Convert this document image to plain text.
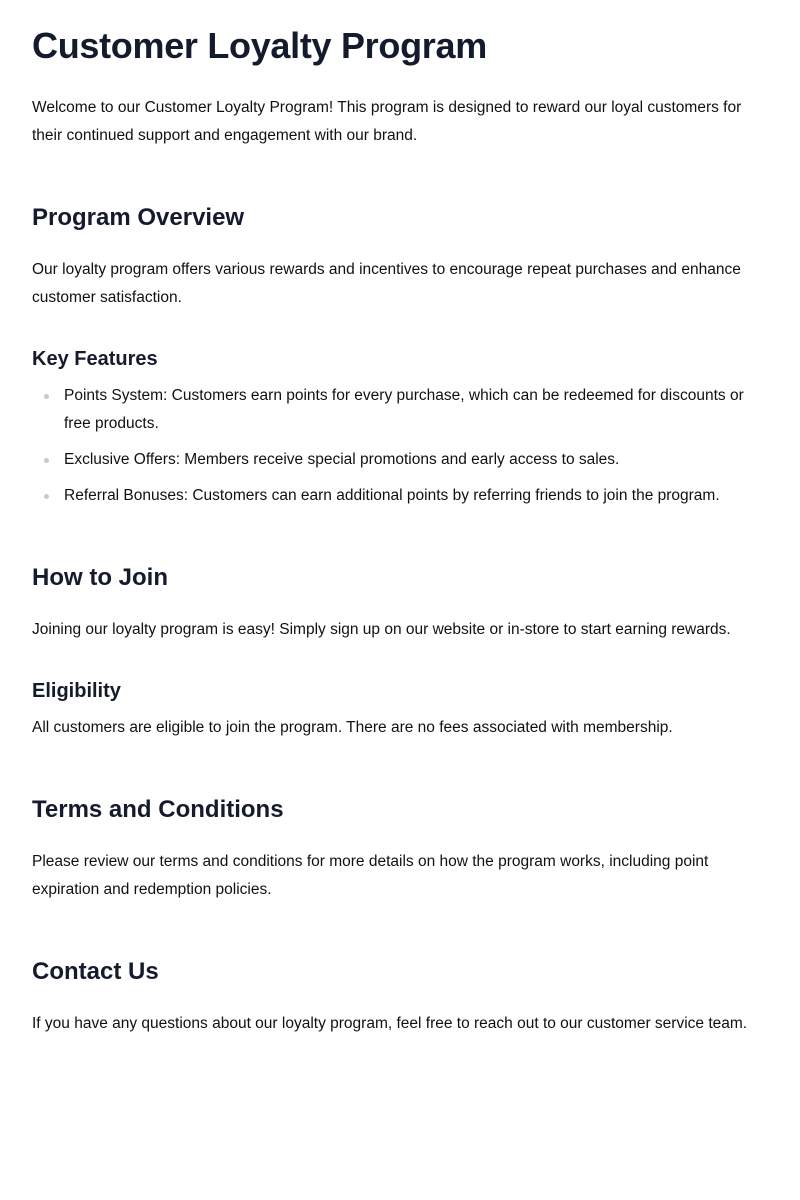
Customer Loyalty Program

Welcome to our Customer Loyalty Program! This program is designed to reward our loyal customers for their continued support and engagement with our brand.

Program Overview

Our loyalty program offers various rewards and incentives to encourage repeat purchases and enhance customer satisfaction.

Key Features
Points System: Customers earn points for every purchase, which can be redeemed for discounts or free products.
Exclusive Offers: Members receive special promotions and early access to sales.
Referral Bonuses: Customers can earn additional points by referring friends to join the program.
How to Join

Joining our loyalty program is easy! Simply sign up on our website or in-store to start earning rewards.

Eligibility

All customers are eligible to join the program. There are no fees associated with membership.

Terms and Conditions

Please review our terms and conditions for more details on how the program works, including point expiration and redemption policies.

Contact Us

If you have any questions about our loyalty program, feel free to reach out to our customer service team.
